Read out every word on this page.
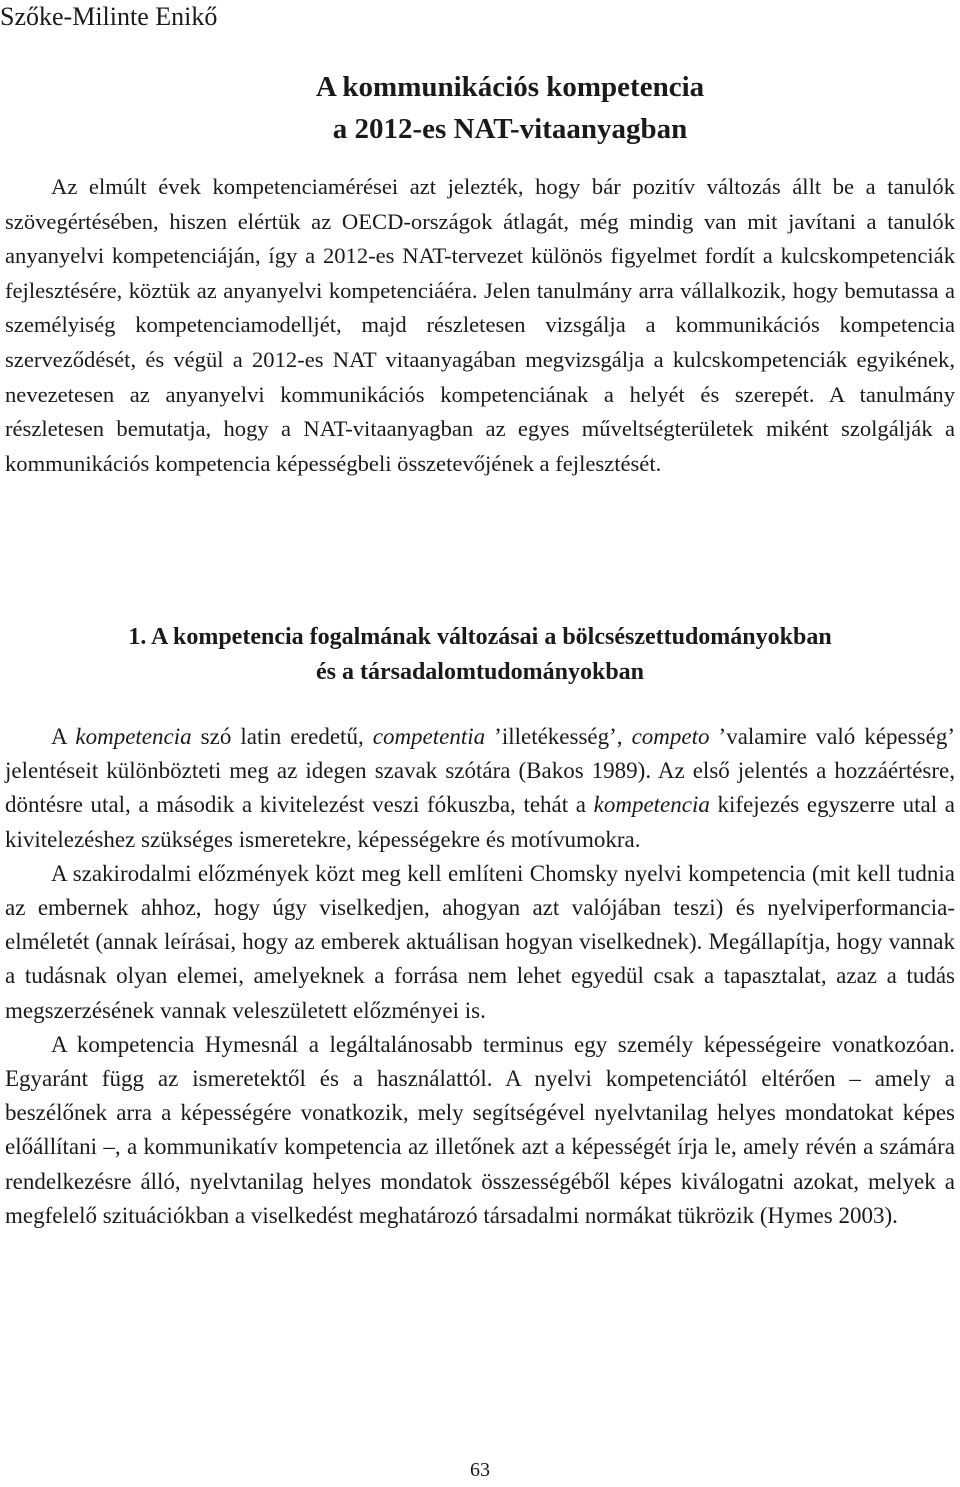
Szőke-Milinte Enikő
A kommunikációs kompetencia
a 2012-es NAT-vitaanyagban

Az elmúlt évek kompetenciamérései azt jelezték, hogy bár pozitív változás állt be a tanulók szövegértésében, hiszen elértük az OECD-országok átlagát, még mindig van mit javítani a tanulók anyanyelvi kompetenciáján, így a 2012-es NAT-tervezet különös figyelmet fordít a kulcskompetenciák fejlesztésére, köztük az anyanyelvi kompetenciáéra. Jelen tanulmány arra vállalkozik, hogy bemutassa a személyiség kompetenciamodelljét, majd részletesen vizsgálja a kommunikációs kompetencia szerveződését, és végül a 2012-es NAT vitaanyagában megvizsgálja a kulcskompetenciák egyikének, nevezetesen az anyanyelvi kommunikációs kompetenciának a helyét és szerepét. A tanulmány részletesen bemutatja, hogy a NAT-vitaanyagban az egyes műveltségterületek miként szolgálják a kommunikációs kompetencia képességbeli összetevőjének a fejlesztését.

1. A kompetencia fogalmának változásai a bölcsészettudományokban
és a társadalomtudományokban

A kompetencia szó latin eredetű, competentia ’illetékesség’, competo ’valamire való képesség’ jelentéseit különbözteti meg az idegen szavak szótára (Bakos 1989). Az első jelentés a hozzáértésre, döntésre utal, a második a kivitelezést veszi fókuszba, tehát a kompetencia kifejezés egyszerre utal a kivitelezéshez szükséges ismeretekre, képességekre és motívumokra.

A szakirodalmi előzmények közt meg kell említeni Chomsky nyelvi kompetencia (mit kell tudnia az embernek ahhoz, hogy úgy viselkedjen, ahogyan azt valójában teszi) és nyelviperformancia-elméletét (annak leírásai, hogy az emberek aktuálisan hogyan viselkednek). Megállapítja, hogy vannak a tudásnak olyan elemei, amelyeknek a forrása nem lehet egyedül csak a tapasztalat, azaz a tudás megszerzésének vannak veleszületett előzményei is.

A kompetencia Hymesnál a legáltalánosabb terminus egy személy képességeire vonatkozóan. Egyaránt függ az ismeretektől és a használattól. A nyelvi kompetenciától eltérően – amely a beszélőnek arra a képességére vonatkozik, mely segítségével nyelvtanilag helyes mondatokat képes előállítani –, a kommunikatív kompetencia az illetőnek azt a képességét írja le, amely révén a számára rendelkezésre álló, nyelvtanilag helyes mondatok összességéből képes kiválogatni azokat, melyek a megfelelő szituációkban a viselkedést meghatározó társadalmi normákat tükrözik (Hymes 2003).

63
